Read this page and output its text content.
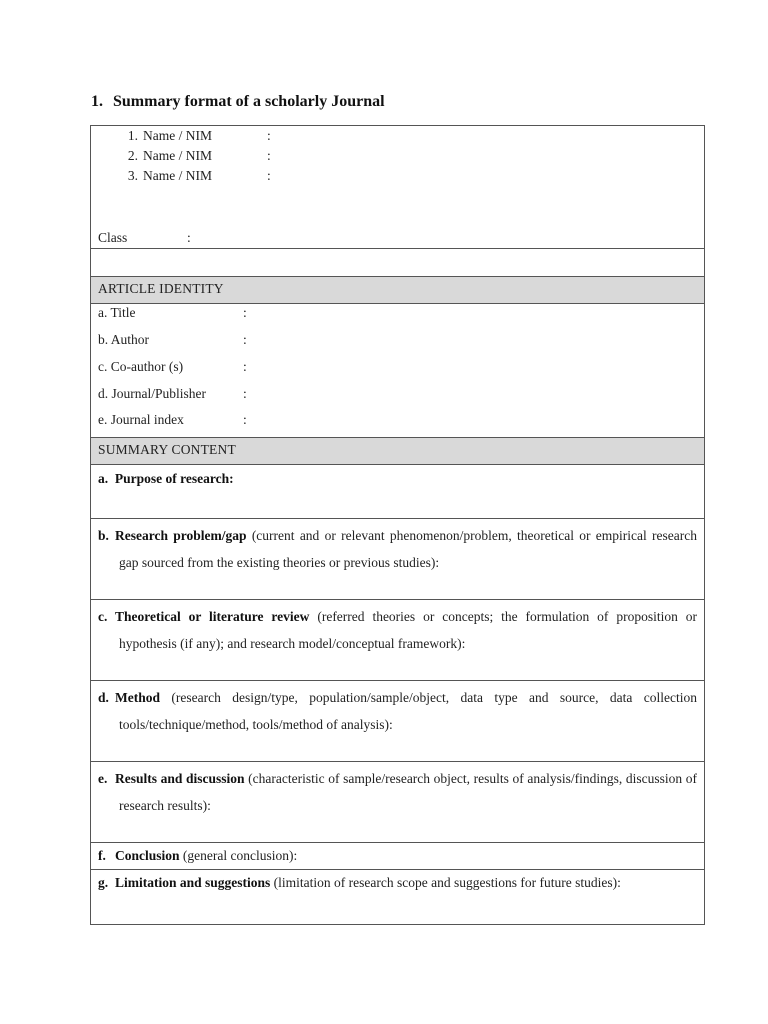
1. Summary format of a scholarly Journal
1. Name / NIM	:
2. Name / NIM	:
3. Name / NIM	:
Class	:
ARTICLE IDENTITY
a. Title	:
b. Author	:
c. Co-author (s)	:
d. Journal/Publisher	:
e. Journal index	:
SUMMARY CONTENT
a. Purpose of research:
b. Research problem/gap (current and or relevant phenomenon/problem, theoretical or empirical research gap sourced from the existing theories or previous studies):
c. Theoretical or literature review (referred theories or concepts; the formulation of proposition or hypothesis (if any); and research model/conceptual framework):
d. Method (research design/type, population/sample/object, data type and source, data collection tools/technique/method, tools/method of analysis):
e. Results and discussion (characteristic of sample/research object, results of analysis/findings, discussion of research results):
f. Conclusion (general conclusion):
g. Limitation and suggestions (limitation of research scope and suggestions for future studies):
